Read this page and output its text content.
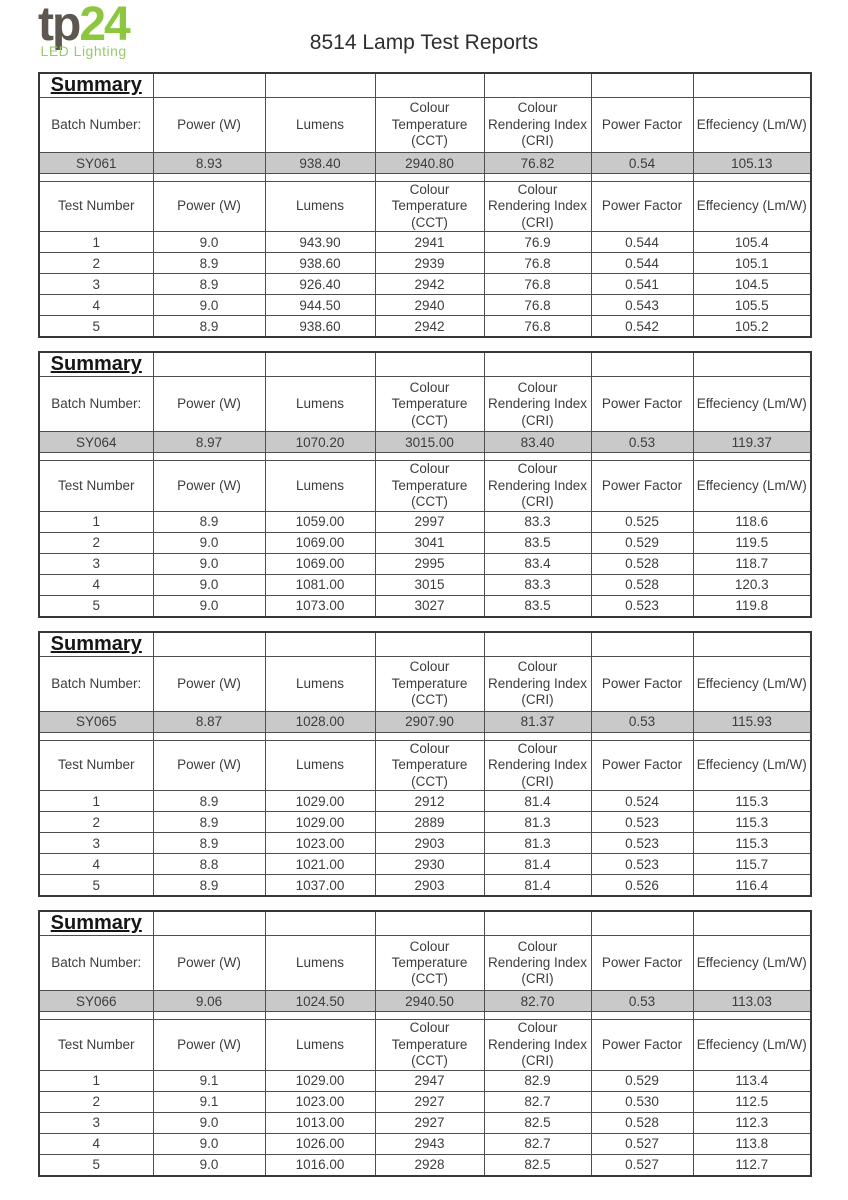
tp24
LED Lighting	8514 Lamp Test Reports
Summary						
Batch Number:	Power (W)	Lumens	Colour Temperature (CCT)	Colour Rendering Index (CRI)	Power Factor	Effeciency (Lm/W)
SY061	8.93	938.40	2940.80	76.82	0.54	105.13

Test Number	Power (W)	Lumens	Colour Temperature (CCT)	Colour Rendering Index (CRI)	Power Factor	Effeciency (Lm/W)
1	9.0	943.90	2941	76.9	0.544	105.4
2	8.9	938.60	2939	76.8	0.544	105.1
3	8.9	926.40	2942	76.8	0.541	104.5
4	9.0	944.50	2940	76.8	0.543	105.5
5	8.9	938.60	2942	76.8	0.542	105.2
Summary						
Batch Number:	Power (W)	Lumens	Colour Temperature (CCT)	Colour Rendering Index (CRI)	Power Factor	Effeciency (Lm/W)
SY064	8.97	1070.20	3015.00	83.40	0.53	119.37

Test Number	Power (W)	Lumens	Colour Temperature (CCT)	Colour Rendering Index (CRI)	Power Factor	Effeciency (Lm/W)
1	8.9	1059.00	2997	83.3	0.525	118.6
2	9.0	1069.00	3041	83.5	0.529	119.5
3	9.0	1069.00	2995	83.4	0.528	118.7
4	9.0	1081.00	3015	83.3	0.528	120.3
5	9.0	1073.00	3027	83.5	0.523	119.8
Summary						
Batch Number:	Power (W)	Lumens	Colour Temperature (CCT)	Colour Rendering Index (CRI)	Power Factor	Effeciency (Lm/W)
SY065	8.87	1028.00	2907.90	81.37	0.53	115.93

Test Number	Power (W)	Lumens	Colour Temperature (CCT)	Colour Rendering Index (CRI)	Power Factor	Effeciency (Lm/W)
1	8.9	1029.00	2912	81.4	0.524	115.3
2	8.9	1029.00	2889	81.3	0.523	115.3
3	8.9	1023.00	2903	81.3	0.523	115.3
4	8.8	1021.00	2930	81.4	0.523	115.7
5	8.9	1037.00	2903	81.4	0.526	116.4
Summary						
Batch Number:	Power (W)	Lumens	Colour Temperature (CCT)	Colour Rendering Index (CRI)	Power Factor	Effeciency (Lm/W)
SY066	9.06	1024.50	2940.50	82.70	0.53	113.03

Test Number	Power (W)	Lumens	Colour Temperature (CCT)	Colour Rendering Index (CRI)	Power Factor	Effeciency (Lm/W)
1	9.1	1029.00	2947	82.9	0.529	113.4
2	9.1	1023.00	2927	82.7	0.530	112.5
3	9.0	1013.00	2927	82.5	0.528	112.3
4	9.0	1026.00	2943	82.7	0.527	113.8
5	9.0	1016.00	2928	82.5	0.527	112.7
